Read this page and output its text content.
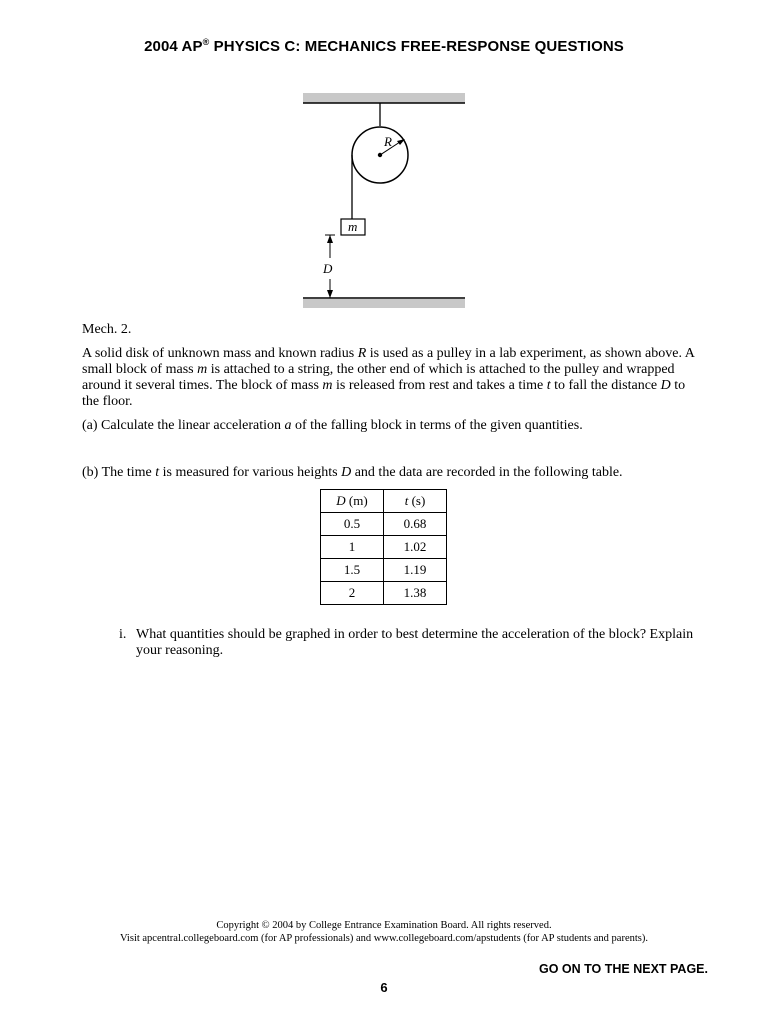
2004 AP® PHYSICS C: MECHANICS FREE-RESPONSE QUESTIONS
R
m
D
Mech. 2.
A solid disk of unknown mass and known radius R is used as a pulley in a lab experiment, as shown above. A small block of mass m is attached to a string, the other end of which is attached to the pulley and wrapped around it several times. The block of mass m is released from rest and takes a time t to fall the distance D to the floor.
(a) Calculate the linear acceleration a of the falling block in terms of the given quantities.
(b) The time t is measured for various heights D and the data are recorded in the following table.
D (m)	t (s)
0.5	0.68
1	1.02
1.5	1.19
2	1.38
i. What quantities should be graphed in order to best determine the acceleration of the block? Explain your reasoning.
Copyright © 2004 by College Entrance Examination Board. All rights reserved.
Visit apcentral.collegeboard.com (for AP professionals) and www.collegeboard.com/apstudents (for AP students and parents).
GO ON TO THE NEXT PAGE.
6
